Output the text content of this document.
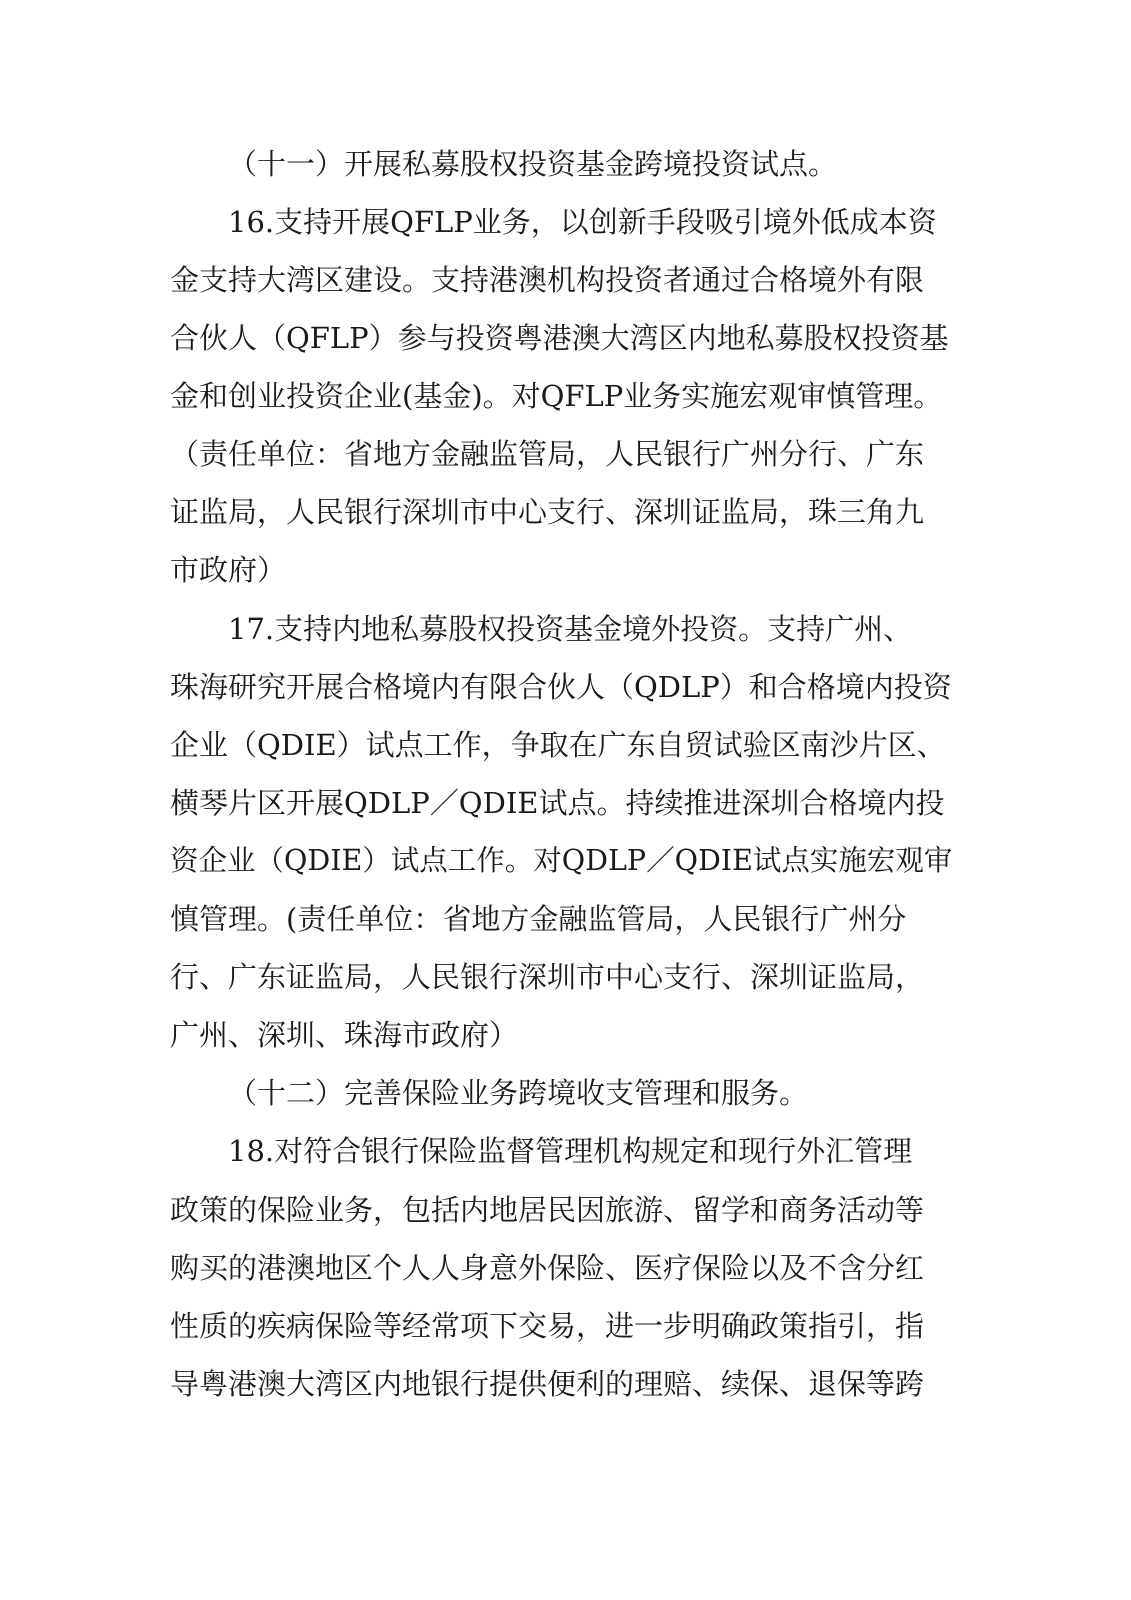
（十一）开展私募股权投资基金跨境投资试点。
16.支持开展QFLP业务，以创新手段吸引境外低成本资
金支持大湾区建设。支持港澳机构投资者通过合格境外有限
合伙人（QFLP）参与投资粤港澳大湾区内地私募股权投资基
金和创业投资企业(基金)。对QFLP业务实施宏观审慎管理。
（责任单位：省地方金融监管局，人民银行广州分行、广东
证监局，人民银行深圳市中心支行、深圳证监局，珠三角九
市政府）
17.支持内地私募股权投资基金境外投资。支持广州、
珠海研究开展合格境内有限合伙人（QDLP）和合格境内投资
企业（QDIE）试点工作，争取在广东自贸试验区南沙片区、
横琴片区开展QDLP／QDIE试点。持续推进深圳合格境内投
资企业（QDIE）试点工作。对QDLP／QDIE试点实施宏观审
慎管理。(责任单位：省地方金融监管局，人民银行广州分
行、广东证监局，人民银行深圳市中心支行、深圳证监局，
广州、深圳、珠海市政府）
（十二）完善保险业务跨境收支管理和服务。
18.对符合银行保险监督管理机构规定和现行外汇管理
政策的保险业务，包括内地居民因旅游、留学和商务活动等
购买的港澳地区个人人身意外保险、医疗保险以及不含分红
性质的疾病保险等经常项下交易，进一步明确政策指引，指
导粤港澳大湾区内地银行提供便利的理赔、续保、退保等跨
